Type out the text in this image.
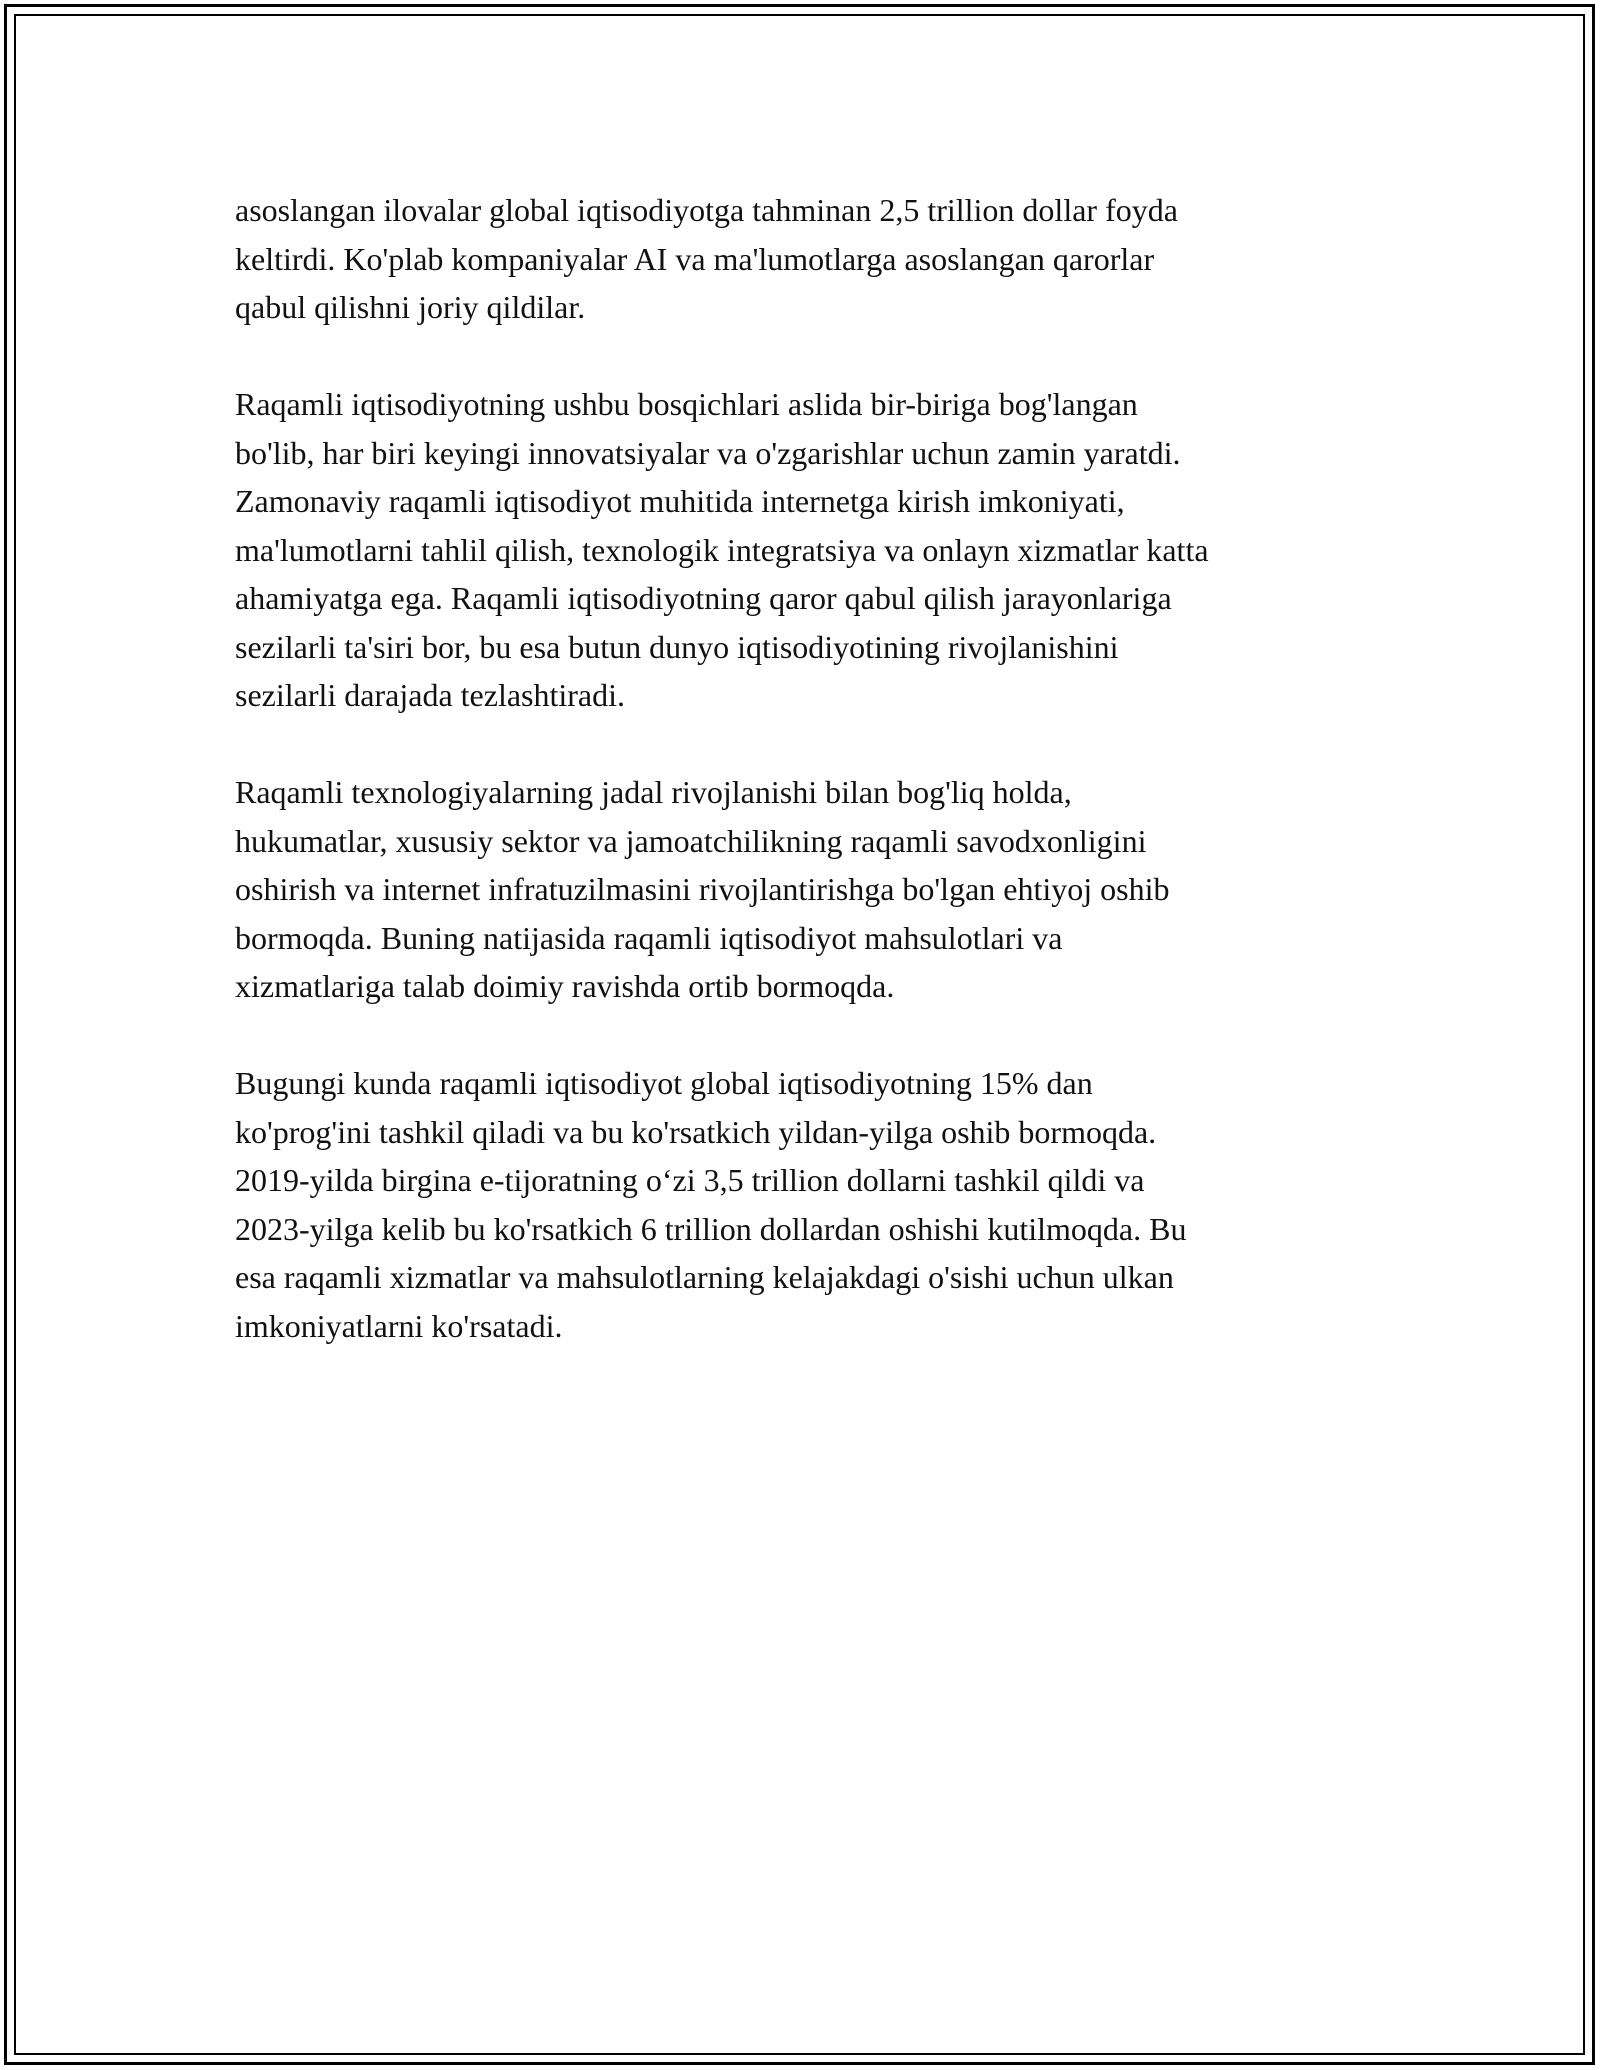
asoslangan ilovalar global iqtisodiyotga tahminan 2,5 trillion dollar foyda
keltirdi. Ko'plab kompaniyalar AI va ma'lumotlarga asoslangan qarorlar
qabul qilishni joriy qildilar.

Raqamli iqtisodiyotning ushbu bosqichlari aslida bir-biriga bog'langan
bo'lib, har biri keyingi innovatsiyalar va o'zgarishlar uchun zamin yaratdi.
Zamonaviy raqamli iqtisodiyot muhitida internetga kirish imkoniyati,
ma'lumotlarni tahlil qilish, texnologik integratsiya va onlayn xizmatlar katta
ahamiyatga ega. Raqamli iqtisodiyotning qaror qabul qilish jarayonlariga
sezilarli ta'siri bor, bu esa butun dunyo iqtisodiyotining rivojlanishini
sezilarli darajada tezlashtiradi.

Raqamli texnologiyalarning jadal rivojlanishi bilan bog'liq holda,
hukumatlar, xususiy sektor va jamoatchilikning raqamli savodxonligini
oshirish va internet infratuzilmasini rivojlantirishga bo'lgan ehtiyoj oshib
bormoqda. Buning natijasida raqamli iqtisodiyot mahsulotlari va
xizmatlariga talab doimiy ravishda ortib bormoqda.

Bugungi kunda raqamli iqtisodiyot global iqtisodiyotning 15% dan
ko'prog'ini tashkil qiladi va bu ko'rsatkich yildan-yilga oshib bormoqda.
2019-yilda birgina e-tijoratning o‘zi 3,5 trillion dollarni tashkil qildi va
2023-yilga kelib bu ko'rsatkich 6 trillion dollardan oshishi kutilmoqda. Bu
esa raqamli xizmatlar va mahsulotlarning kelajakdagi o'sishi uchun ulkan
imkoniyatlarni ko'rsatadi.
